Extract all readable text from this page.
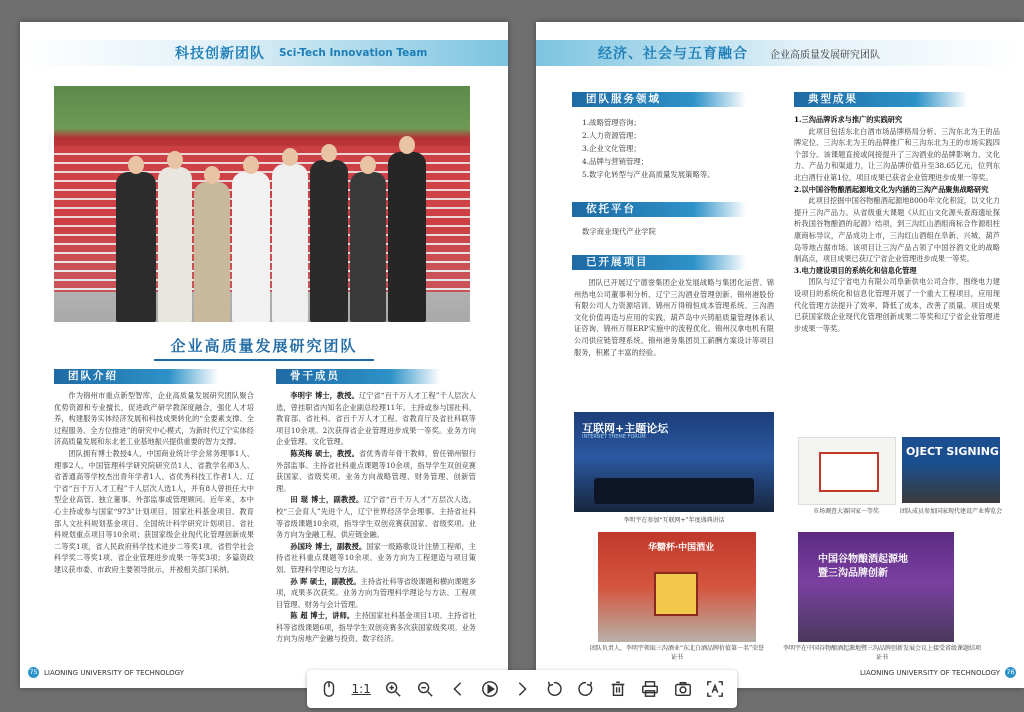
科技创新团队 Sci-Tech Innovation Team
企业高质量发展研究团队
团队介绍

作为锦州市重点新型智库，企业高质量发展研究团队聚合优势资源和专业擅长，促进政产研学教深度融合，强化人才培养，构建服务实体经济发展和科技成果转化的“全要素支撑、全过程服务、全方位推进”的研究中心模式，为新时代辽宁实体经济高质量发展和东北老工业基地振兴提供重要的智力支撑。

团队拥有博士教授4人，中国商业统计学会常务理事1人、理事2人、中国管理科学研究院研究员1人、省教学名师3人、省普通高等学校杰出青年学者1人、省优秀科技工作者1人、辽宁省“百千万人才工程”千人层次人选1人，并有8人曾担任大中型企业高管、独立董事、外部监事或管理顾问。近年来，本中心主持或参与国家“973”计划项目、国家社科基金项目、教育部人文社科规划基金项目、全国统计科学研究计划项目、省社科规划重点项目等10余项；获国家级企业现代化管理创新成果二等奖1项，省人民政府科学技术进步二等奖1项、省哲学社会科学奖二等奖1项、省企业管理进步成果一等奖3项；多篇资政建议获市委、市政府主要领导批示，并被相关部门采纳。

骨干成员

李明宇 博士，教授。辽宁省“百千万人才工程”千人层次人选，曾挂职省内知名企业副总经理11年。主持或参与国社科、教育部、省社科、省百千万人才工程、省教育厅及省社科联等项目10余项。2次获得省企业管理进步成果一等奖。业务方向企业管理、文化管理。

陈英梅 硕士，教授。省优秀青年骨干教师，曾任锦州银行外部监事。主持省社科重点课题等10余项，指导学生双创竞赛获国家、省级奖项。业务方向战略管理、财务管理、创新管理。

田 琨 博士，副教授。辽宁省“百千万人才”万层次人选，校“三会育人”先进个人，辽宁世界经济学会理事。主持省社科等省级课题10余项，指导学生双创竞赛获国家、省级奖项。业务方向为金融工程、供应链金融。

孙国玲 博士，副教授。国家一级路歌设计注册工程师，主持省社科重点课题等10余项。业务方向为工程建造与项目策划、管理科学理论与方法。

孙 晖 硕士，副教授。主持省社科等省级课题和横向课题多项，成果多次获奖。业务方向为管理科学理论与方法、工程项目管理、财务与会计管理。

陈 超 博士，讲师。主持国家社科基金项目1项、主持省社科等省级课题6项，指导学生双创竞赛多次获国家级奖项。业务方向为房地产金融与投资、数字经济。

75 LIAONING UNIVERSITY OF TECHNOLOGY
经济、社会与五育融合 企业高质量发展研究团队
团队服务领域
1.战略管理咨询；
2.人力资源管理；
3.企业文化管理；
4.品牌与营销管理；
5.数字化转型与产业高质量发展策略等。
依托平台
数字商业现代产业学院
已开展项目

团队已开展辽宁德誉集团企业发展战略与集团化运营、锦州热电公司董事利分析、辽宁三沟酒业管理创新、锦州港股份有限公司人力资源培训、锦州万得锦恒成本管理系统、三沟酒文化价值再造与应用的实践、葫芦岛中兴铸船质量管理体系认证咨询、锦州万得ERP实施中的流程优化、锦州汉拿电机有限公司供应链管理系统、锦州港务集团员工薪酬方案设计等项目服务，积累了丰富的经验。

典型成果

1.三沟品牌诉求与推广的实践研究

此项目包括东北白酒市场品牌格局分析、三沟东北为王的品牌定位、三沟东北为王的品牌推广和三沟东北为王的市场实践四个部分。该课题直接或间接提升了三沟酒业的品牌影响力、文化力、产品力和渠道力，让三沟品牌价值升至38.65亿元，位列东北白酒行业第1位，项目成果已获省企业管理进步成果一等奖。

2.以中国谷物酿酒起源地文化为内涵的三沟产品聚焦战略研究

此项目挖掘中国谷物酿酒起源地8000年文化积淀，以文化力提升三沟产品力。从省级重大课题《从红山文化源头查海遗址探析我国谷物酿酒的起源》结项，到三沟红山酒组商标合作源组柱康商标导议，产品成功上市，三沟红山酒组在阜新、兴城、葫芦岛等地占据市场。该项目让三沟产品占领了中国谷酒文化的战略制高点，项目成果已获辽宁省企业管理进步成果一等奖。

3.电力建设项目的系统化和信息化管理

团队与辽宁省电力有限公司阜新供电公司合作，围绕电力建设项目的系统化和信息化管理开展了一个重大工程项目，应用现代化管理方法提升了效率，降低了成本，改善了质量。项目成果已获国家级企业现代化管理创新成果二等奖和辽宁省企业管理进步成果一等奖。

互联网+主题论坛
INTERNET THEME FORUM
李明宇在参加“互联网+”年度盛典讲话
市场调查大赛国家一等奖
OJECT SIGNING
团队成员参加国家现代建设产业博览会
华糖杯·中国酒业
团队负责人，李明宇领取三沟酒业“东北白酒品牌价值第一名”荣誉证书
中国谷物酿酒起源地
暨三沟品牌创新
李明宇在中国谷物酿酒起源地暨三沟品牌创新发展会议上接受省级课题结项证书
LIAONING UNIVERSITY OF TECHNOLOGY 76
1:1
